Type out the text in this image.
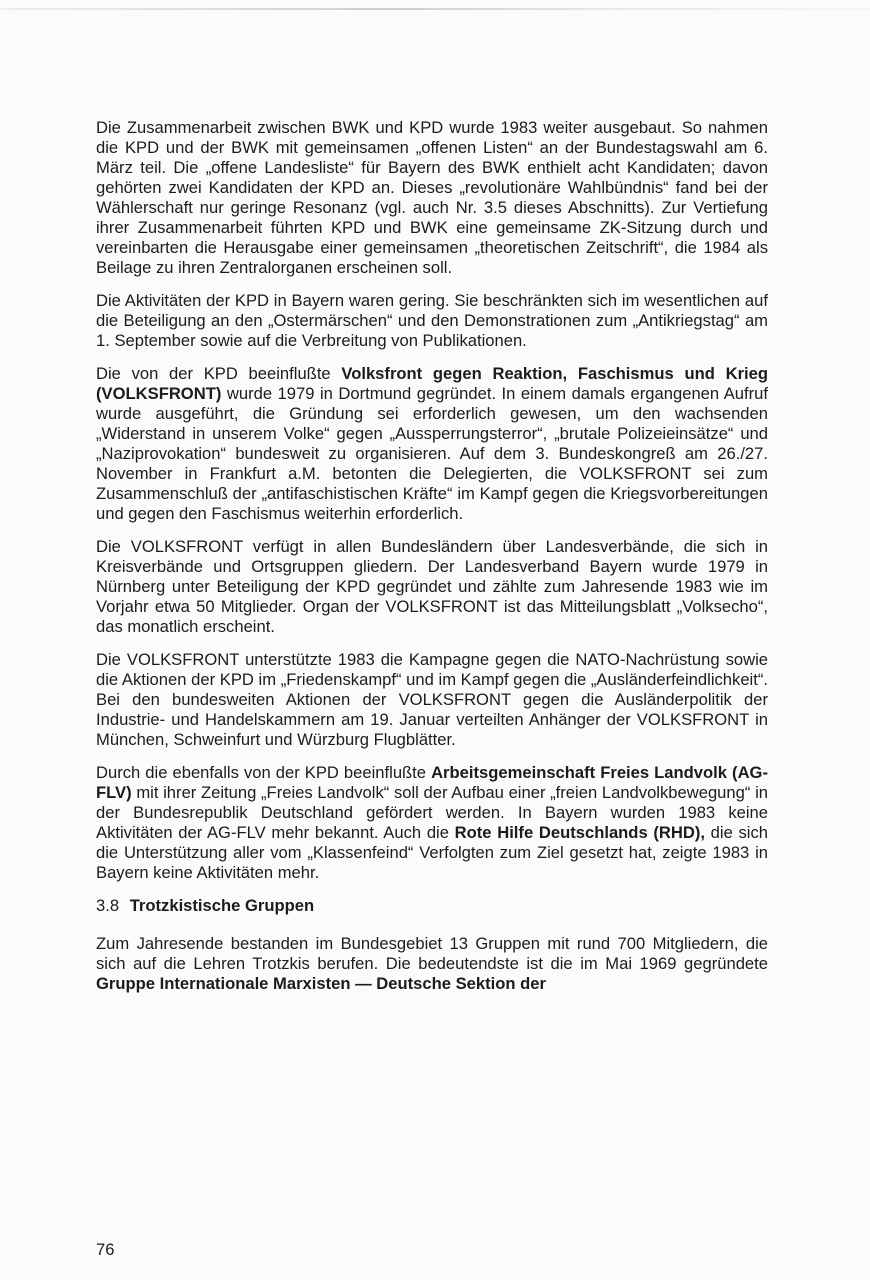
Die Zusammenarbeit zwischen BWK und KPD wurde 1983 weiter ausgebaut. So nahmen die KPD und der BWK mit gemeinsamen „offenen Listen“ an der Bundestagswahl am 6. März teil. Die „offene Landesliste“ für Bayern des BWK enthielt acht Kandidaten; davon gehörten zwei Kandidaten der KPD an. Dieses „revolutionäre Wahlbündnis“ fand bei der Wählerschaft nur geringe Resonanz (vgl. auch Nr. 3.5 dieses Abschnitts). Zur Vertiefung ihrer Zusammenarbeit führten KPD und BWK eine gemeinsame ZK-Sitzung durch und vereinbarten die Herausgabe einer gemeinsamen „theoretischen Zeitschrift“, die 1984 als Beilage zu ihren Zentralorganen erscheinen soll.

Die Aktivitäten der KPD in Bayern waren gering. Sie beschränkten sich im wesentlichen auf die Beteiligung an den „Ostermärschen“ und den Demonstrationen zum „Antikriegstag“ am 1. September sowie auf die Verbreitung von Publikationen.

Die von der KPD beeinflußte Volksfront gegen Reaktion, Faschismus und Krieg (VOLKSFRONT) wurde 1979 in Dortmund gegründet. In einem damals ergangenen Aufruf wurde ausgeführt, die Gründung sei erforderlich gewesen, um den wachsenden „Widerstand in unserem Volke“ gegen „Aussperrungsterror“, „brutale Polizeieinsätze“ und „Naziprovokation“ bundesweit zu organisieren. Auf dem 3. Bundeskongreß am 26./27. November in Frankfurt a.M. betonten die Delegierten, die VOLKSFRONT sei zum Zusammenschluß der „antifaschistischen Kräfte“ im Kampf gegen die Kriegsvorbereitungen und gegen den Faschismus weiterhin erforderlich.

Die VOLKSFRONT verfügt in allen Bundesländern über Landesverbände, die sich in Kreisverbände und Ortsgruppen gliedern. Der Landesverband Bayern wurde 1979 in Nürnberg unter Beteiligung der KPD gegründet und zählte zum Jahresende 1983 wie im Vorjahr etwa 50 Mitglieder. Organ der VOLKSFRONT ist das Mitteilungsblatt „Volksecho“, das monatlich erscheint.

Die VOLKSFRONT unterstützte 1983 die Kampagne gegen die NATO-Nachrüstung sowie die Aktionen der KPD im „Friedenskampf“ und im Kampf gegen die „Ausländerfeindlichkeit“. Bei den bundesweiten Aktionen der VOLKSFRONT gegen die Ausländerpolitik der Industrie- und Handelskammern am 19. Januar verteilten Anhänger der VOLKSFRONT in München, Schweinfurt und Würzburg Flugblätter.

Durch die ebenfalls von der KPD beeinflußte Arbeitsgemeinschaft Freies Landvolk (AG-FLV) mit ihrer Zeitung „Freies Landvolk“ soll der Aufbau einer „freien Landvolkbewegung“ in der Bundesrepublik Deutschland gefördert werden. In Bayern wurden 1983 keine Aktivitäten der AG-FLV mehr bekannt. Auch die Rote Hilfe Deutschlands (RHD), die sich die Unterstützung aller vom „Klassenfeind“ Verfolgten zum Ziel gesetzt hat, zeigte 1983 in Bayern keine Aktivitäten mehr.

3.8 Trotzkistische Gruppen

Zum Jahresende bestanden im Bundesgebiet 13 Gruppen mit rund 700 Mitgliedern, die sich auf die Lehren Trotzkis berufen. Die bedeutendste ist die im Mai 1969 gegründete Gruppe Internationale Marxisten — Deutsche Sektion der

76
